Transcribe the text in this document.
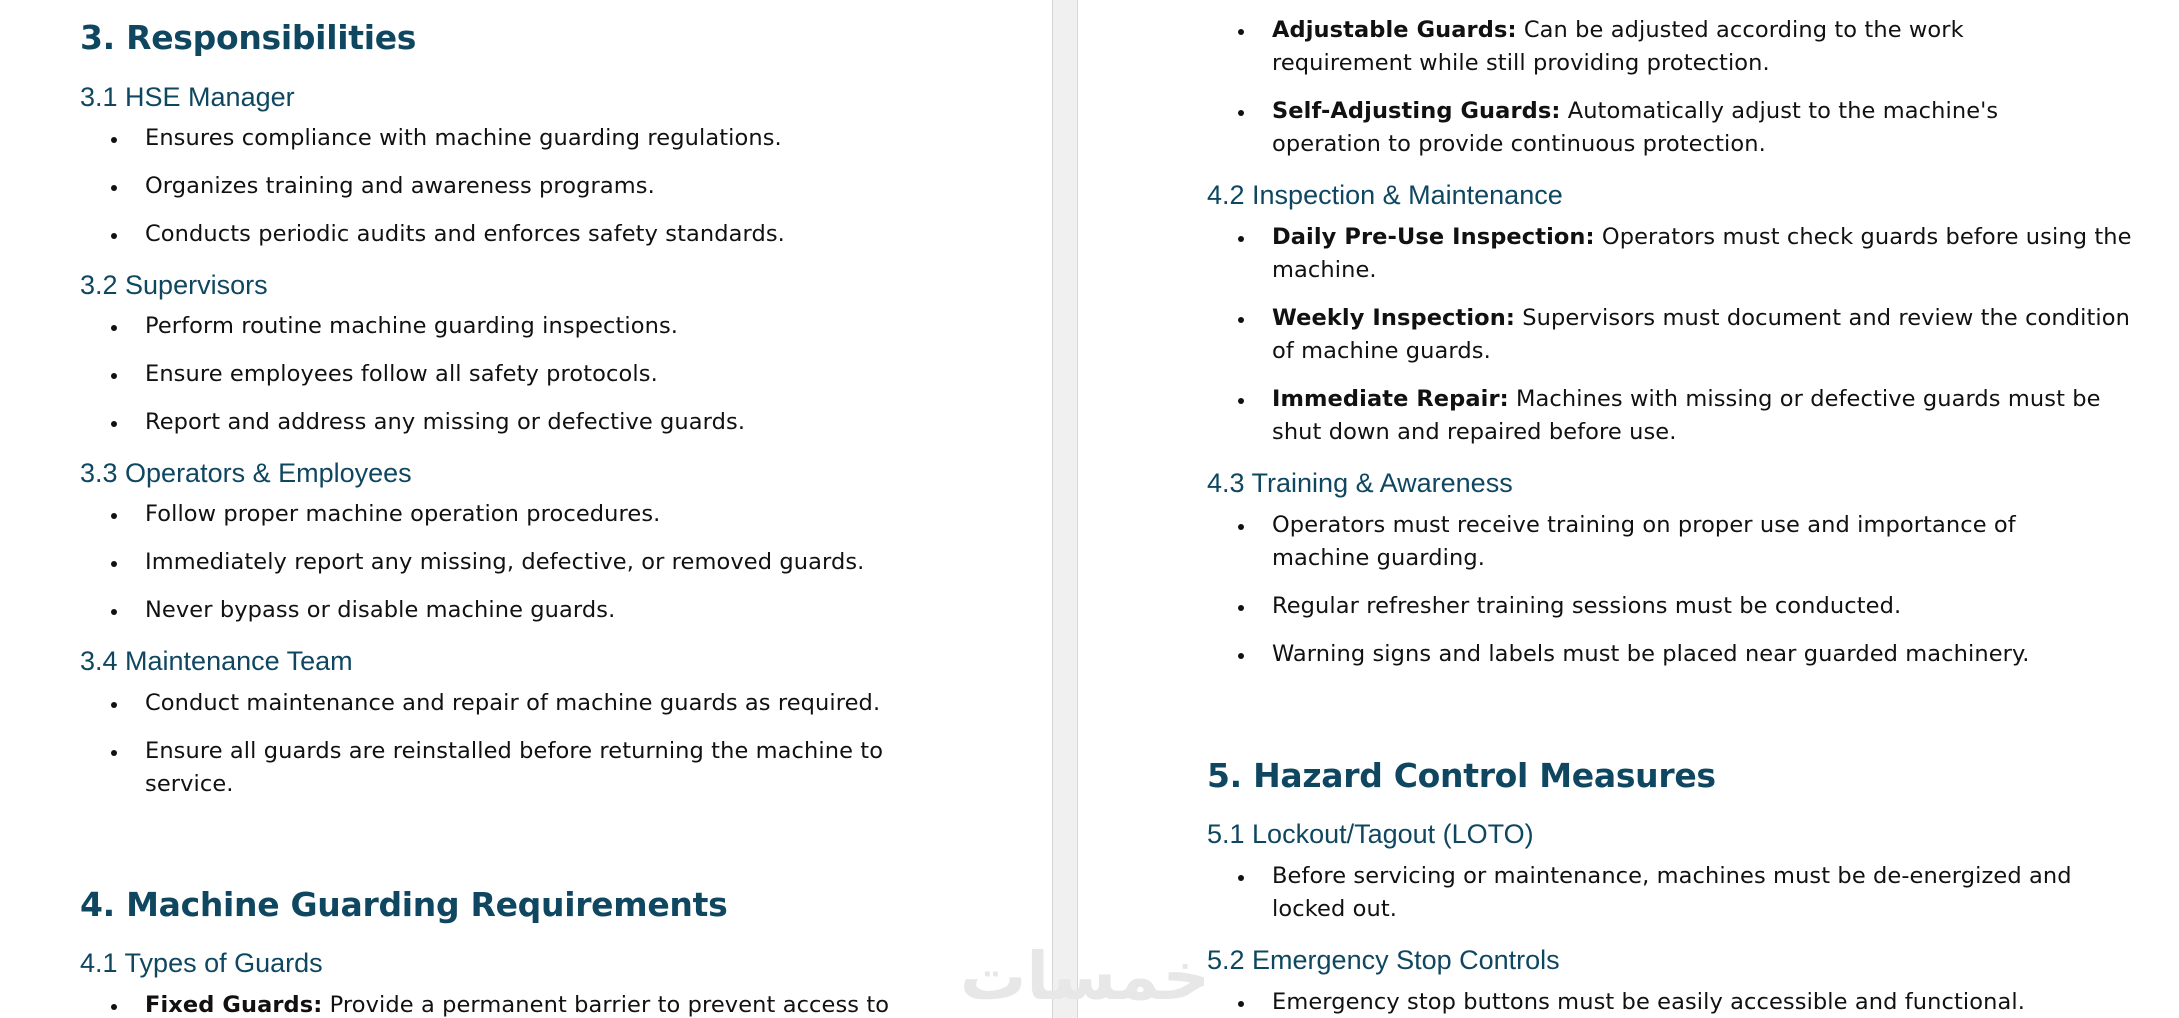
3. Responsibilities
3.1 HSE Manager
Ensures compliance with machine guarding regulations.
Organizes training and awareness programs.
Conducts periodic audits and enforces safety standards.
3.2 Supervisors
Perform routine machine guarding inspections.
Ensure employees follow all safety protocols.
Report and address any missing or defective guards.
3.3 Operators & Employees
Follow proper machine operation procedures.
Immediately report any missing, defective, or removed guards.
Never bypass or disable machine guards.
3.4 Maintenance Team
Conduct maintenance and repair of machine guards as required.
Ensure all guards are reinstalled before returning the machine to service.
4. Machine Guarding Requirements
4.1 Types of Guards
Fixed Guards: Provide a permanent barrier to prevent access to
Adjustable Guards: Can be adjusted according to the work requirement while still providing protection.
Self-Adjusting Guards: Automatically adjust to the machine's operation to provide continuous protection.
4.2 Inspection & Maintenance
Daily Pre-Use Inspection: Operators must check guards before using the machine.
Weekly Inspection: Supervisors must document and review the condition of machine guards.
Immediate Repair: Machines with missing or defective guards must be shut down and repaired before use.
4.3 Training & Awareness
Operators must receive training on proper use and importance of machine guarding.
Regular refresher training sessions must be conducted.
Warning signs and labels must be placed near guarded machinery.
5. Hazard Control Measures
5.1 Lockout/Tagout (LOTO)
Before servicing or maintenance, machines must be de-energized and locked out.
5.2 Emergency Stop Controls
Emergency stop buttons must be easily accessible and functional.
خمسات
